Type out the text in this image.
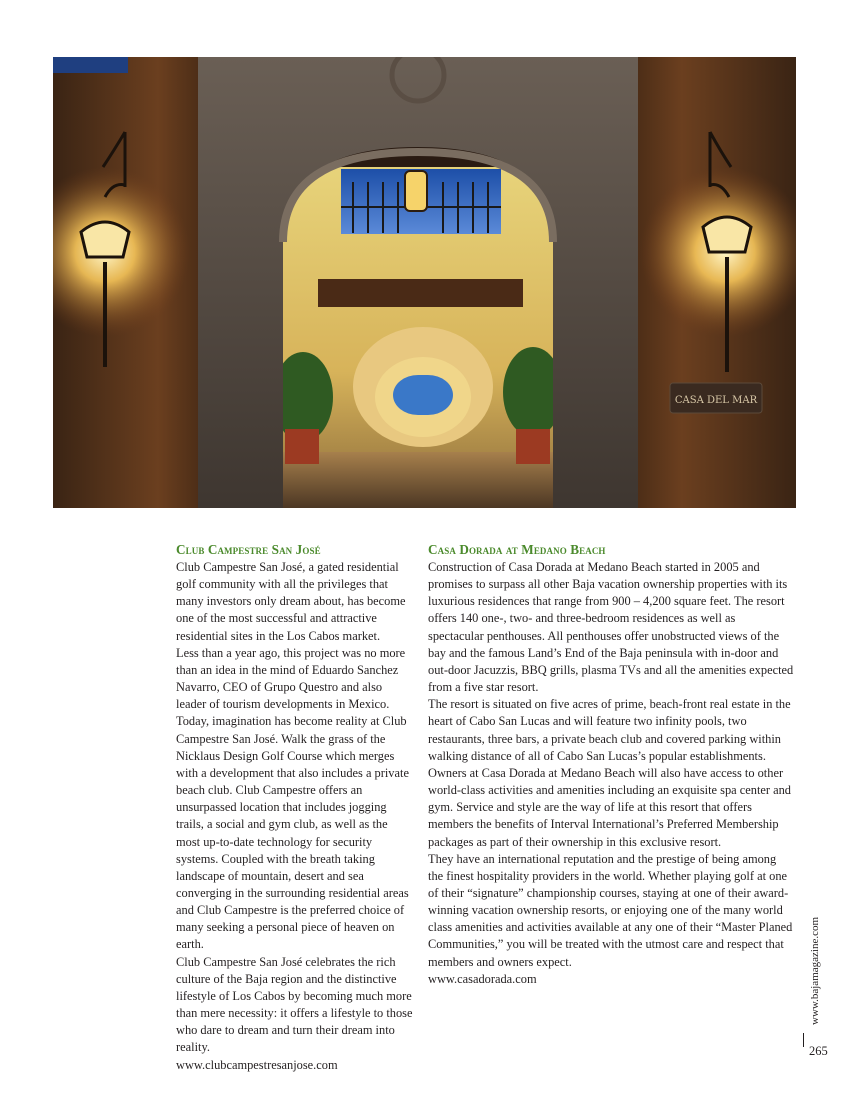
CASA DEL MAR
Club Campestre San José

Club Campestre San José, a gated residential golf community with all the privileges that many investors only dream about, has become one of the most successful and attractive residential sites in the Los Cabos market.

Less than a year ago, this project was no more than an idea in the mind of Eduardo Sanchez Navarro, CEO of Grupo Questro and also leader of tourism developments in Mexico. Today, imagination has become reality at Club Campestre San José. Walk the grass of the Nicklaus Design Golf Course which merges with a development that also includes a private beach club. Club Campestre offers an unsurpassed location that includes jogging trails, a social and gym club, as well as the most up-to-date technology for security systems. Coupled with the breath taking landscape of mountain, desert and sea converging in the surrounding residential areas and Club Campestre is the preferred choice of many seeking a personal piece of heaven on earth.

Club Campestre San José celebrates the rich culture of the Baja region and the distinctive lifestyle of Los Cabos by becoming much more than mere necessity: it offers a lifestyle to those who dare to dream and turn their dream into reality.

www.clubcampestresanjose.com

Casa Dorada at Medano Beach

Construction of Casa Dorada at Medano Beach started in 2005 and promises to surpass all other Baja vacation ownership properties with its luxurious residences that range from 900 – 4,200 square feet. The resort offers 140 one-, two- and three-bedroom residences as well as spectacular penthouses. All penthouses offer unobstructed views of the bay and the famous Land’s End of the Baja peninsula with in-door and out-door Jacuzzis, BBQ grills, plasma TVs and all the amenities expected from a five star resort.

The resort is situated on five acres of prime, beach-front real estate in the heart of Cabo San Lucas and will feature two infinity pools, two restaurants, three bars, a private beach club and covered parking within walking distance of all of Cabo San Lucas’s popular establishments. Owners at Casa Dorada at Medano Beach will also have access to other world-class activities and amenities including an exquisite spa center and gym. Service and style are the way of life at this resort that offers members the benefits of Interval International’s Preferred Membership packages as part of their ownership in this exclusive resort.

They have an international reputation and the prestige of being among the finest hospitality providers in the world. Whether playing golf at one of their “signature” championship courses, staying at one of their award-winning vacation ownership resorts, or enjoying one of the many world class amenities and activities available at any one of their “Master Planed Communities,” you will be treated with the utmost care and respect that members and owners expect.

www.casadorada.com	www.bajamagazine.com
265
